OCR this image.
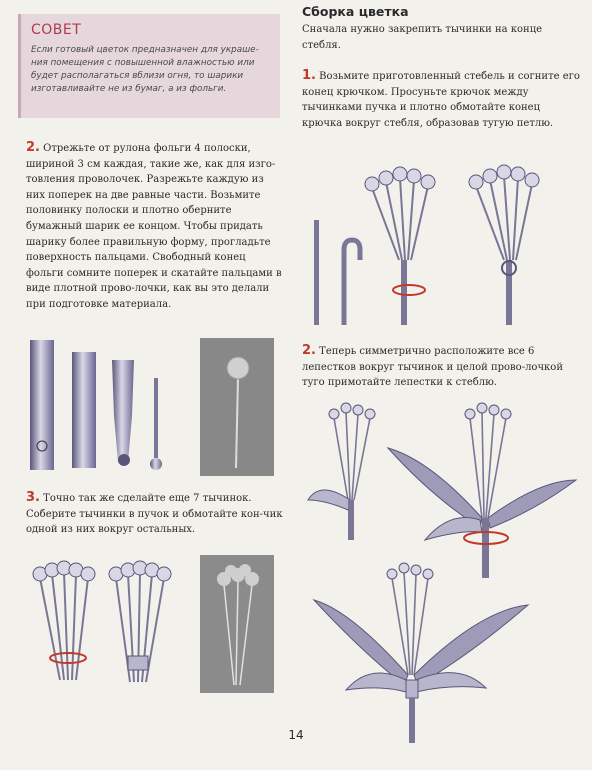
СОВЕТ
Если готовый цветок предназначен для украше-ния помещения с повышенной влажностью или будет располагаться вблизи огня, то шарики изготавливайте не из бумаг, а из фольги.
2. Отрежьте от рулона фольги 4 полоски, шириной 3 см каждая, такие же, как для изго-товления проволочек. Разрежьте каждую из них поперек на две равные части. Возьмите половинку полоски и плотно оберните бумажный шарик ее концом. Чтобы придать шарику более правильную форму, прогладьте поверхность пальцами. Свободный конец фольги сомните поперек и скатайте пальцами в виде плотной прово-лочки, как вы это делали при подготовке материала.
3. Точно так же сделайте еще 7 тычинок. Соберите тычинки в пучок и обмотайте кон-чик одной из них вокруг остальных.
Сборка цветка
Сначала нужно закрепить тычинки на конце стебля.
1. Возьмите приготовленный стебель и согните его конец крючком. Просуньте крючок между тычинками пучка и плотно обмотайте конец крючка вокруг стебля, образовав тугую петлю.
2. Теперь симметрично расположите все 6 лепестков вокруг тычинок и целой прово-лочкой туго примотайте лепестки к стеблю.
14
